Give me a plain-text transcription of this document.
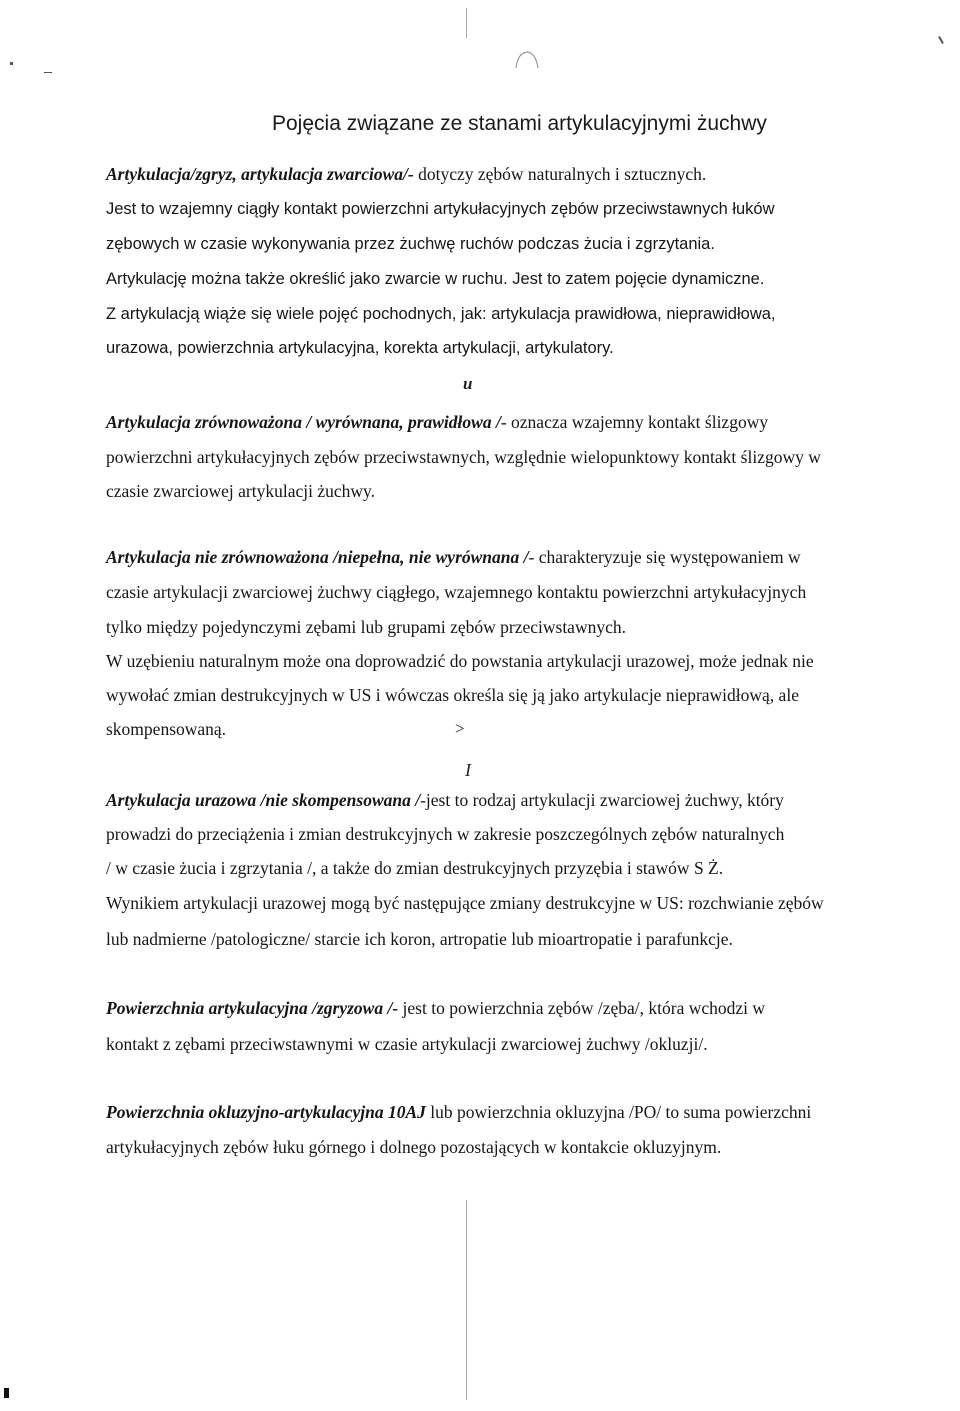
Pojęcia związane ze stanami artykulacyjnymi żuchwy
Artykulacja/zgryz, artykulacja zwarciowa/- dotyczy zębów naturalnych i sztucznych.
Jest to wzajemny ciągły kontakt powierzchni artykułacyjnych zębów przeciwstawnych łuków
zębowych w czasie wykonywania przez żuchwę ruchów podczas żucia i zgrzytania.
Artykulację można także określić jako zwarcie w ruchu. Jest to zatem pojęcie dynamiczne.
Z artykulacją wiąże się wiele pojęć pochodnych, jak: artykulacja prawidłowa, nieprawidłowa,
urazowa, powierzchnia artykulacyjna, korekta artykulacji, artykulatory.
u
Artykulacja zrównoważona / wyrównana, prawidłowa /- oznacza wzajemny kontakt ślizgowy
powierzchni artykułacyjnych zębów przeciwstawnych, względnie wielopunktowy kontakt ślizgowy w
czasie zwarciowej artykulacji żuchwy.
Artykulacja nie zrównoważona /niepełna, nie wyrównana /- charakteryzuje się występowaniem w
czasie artykulacji zwarciowej żuchwy ciągłego, wzajemnego kontaktu powierzchni artykułacyjnych
tylko między pojedynczymi zębami lub grupami zębów przeciwstawnych.
W uzębieniu naturalnym może ona doprowadzić do powstania artykulacji urazowej, może jednak nie
wywołać zmian destrukcyjnych w US i wówczas określa się ją jako artykulacje nieprawidłową, ale
skompensowaną.	>
I
Artykulacja urazowa /nie skompensowana /-jest to rodzaj artykulacji zwarciowej żuchwy, który
prowadzi do przeciążenia i zmian destrukcyjnych w zakresie poszczególnych zębów naturalnych
/ w czasie żucia i zgrzytania /, a także do zmian destrukcyjnych przyzębia i stawów S Ż.
Wynikiem artykulacji urazowej mogą być następujące zmiany destrukcyjne w US: rozchwianie zębów
lub nadmierne /patologiczne/ starcie ich koron, artropatie lub mioartropatie i parafunkcje.
Powierzchnia artykulacyjna /zgryzowa /- jest to powierzchnia zębów /zęba/, która wchodzi w
kontakt z zębami przeciwstawnymi w czasie artykulacji zwarciowej żuchwy /okluzji/.
Powierzchnia okluzyjno-artykulacyjna 10AJ lub powierzchnia okluzyjna /PO/ to suma powierzchni
artykułacyjnych zębów łuku górnego i dolnego pozostających w kontakcie okluzyjnym.
